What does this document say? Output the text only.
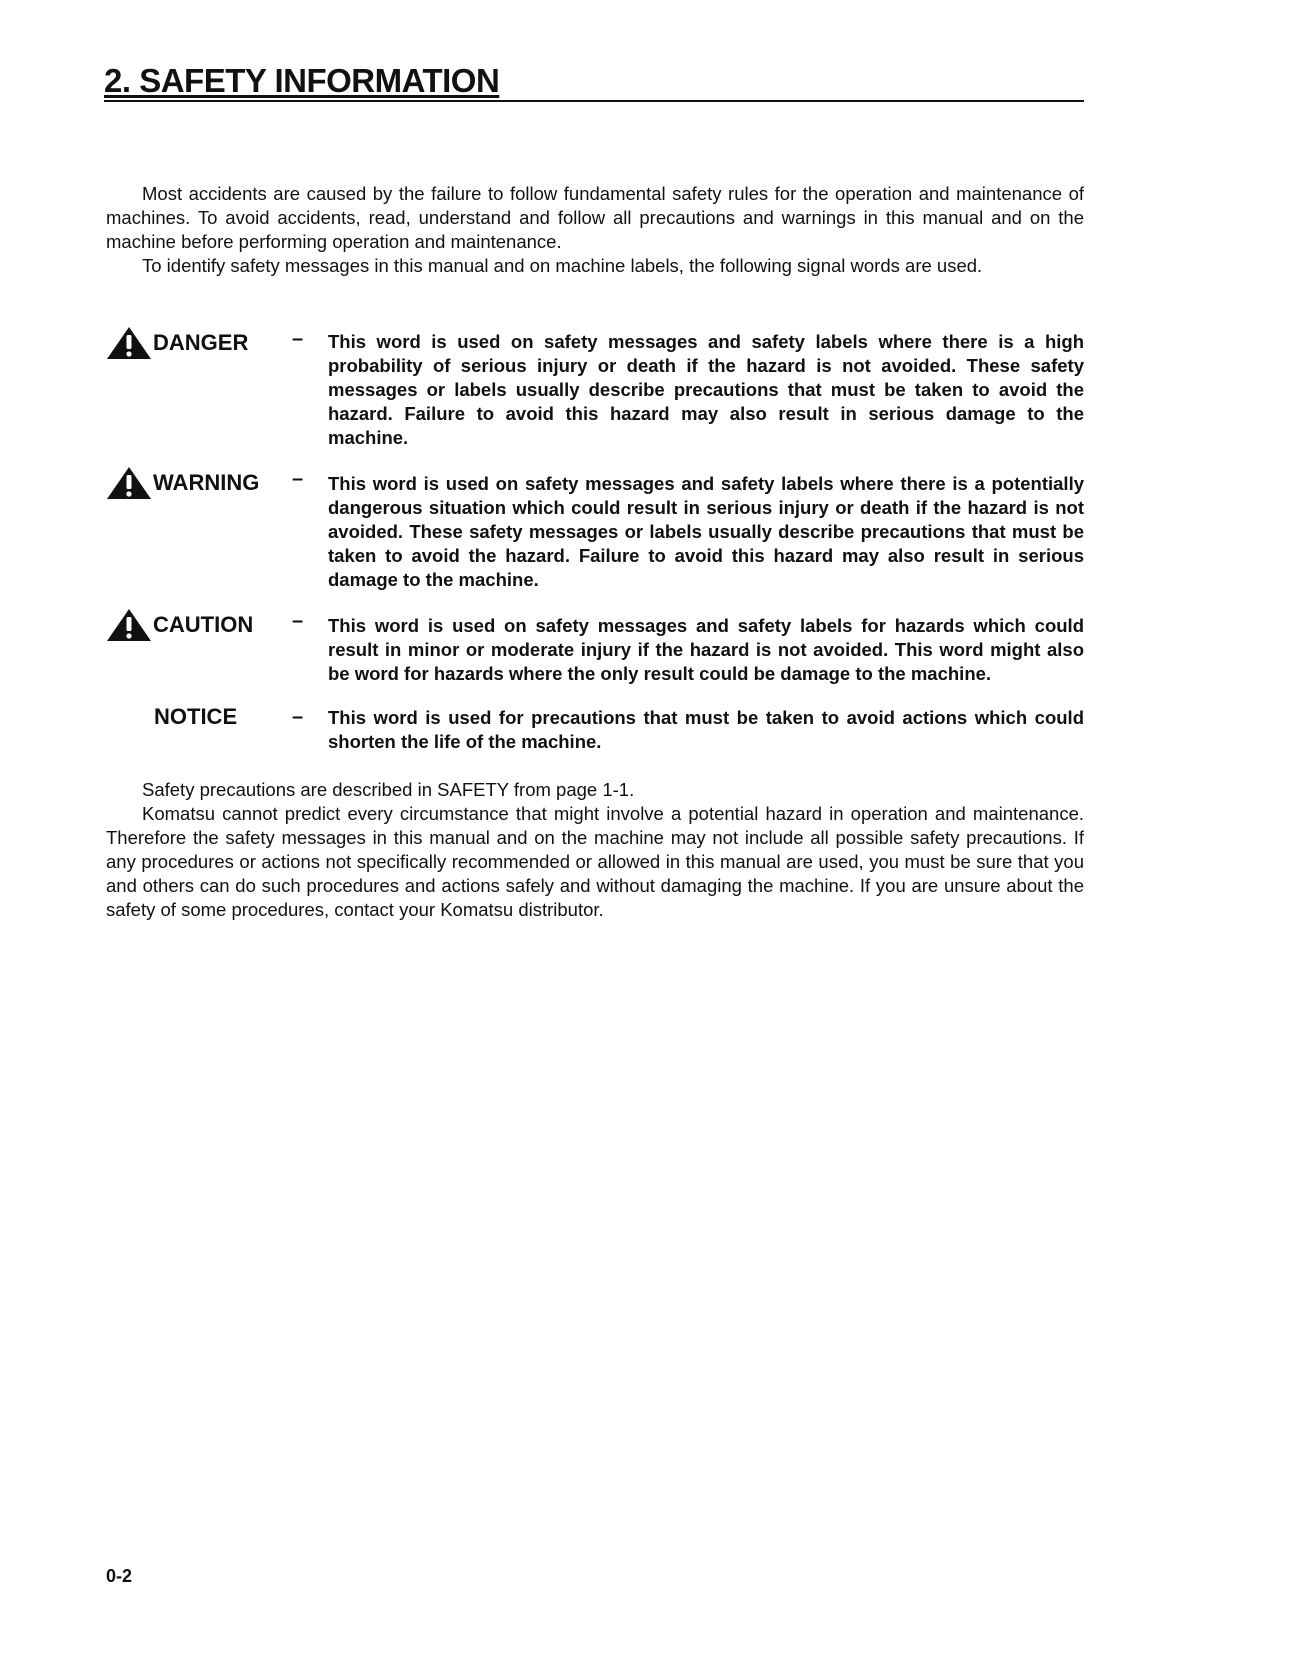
2. SAFETY INFORMATION

Most accidents are caused by the failure to follow fundamental safety rules for the operation and maintenance of machines. To avoid accidents, read, understand and follow all precautions and warnings in this manual and on the machine before performing operation and maintenance.

To identify safety messages in this manual and on machine labels, the following signal words are used.

DANGER – This word is used on safety messages and safety labels where there is a high probability of serious injury or death if the hazard is not avoided. These safety messages or labels usually describe precautions that must be taken to avoid the hazard. Failure to avoid this hazard may also result in serious damage to the machine.

WARNING – This word is used on safety messages and safety labels where there is a potentially dangerous situation which could result in serious injury or death if the hazard is not avoided. These safety messages or labels usually describe precautions that must be taken to avoid the hazard. Failure to avoid this hazard may also result in serious damage to the machine.

CAUTION – This word is used on safety messages and safety labels for hazards which could result in minor or moderate injury if the hazard is not avoided. This word might also be word for hazards where the only result could be damage to the machine.

NOTICE	– This word is used for precautions that must be taken to avoid actions which could shorten the life of the machine.

Safety precautions are described in SAFETY from page 1-1.

Komatsu cannot predict every circumstance that might involve a potential hazard in operation and maintenance. Therefore the safety messages in this manual and on the machine may not include all possible safety precautions. If any procedures or actions not specifically recommended or allowed in this manual are used, you must be sure that you and others can do such procedures and actions safely and without damaging the machine. If you are unsure about the safety of some procedures, contact your Komatsu distributor.

0-2
